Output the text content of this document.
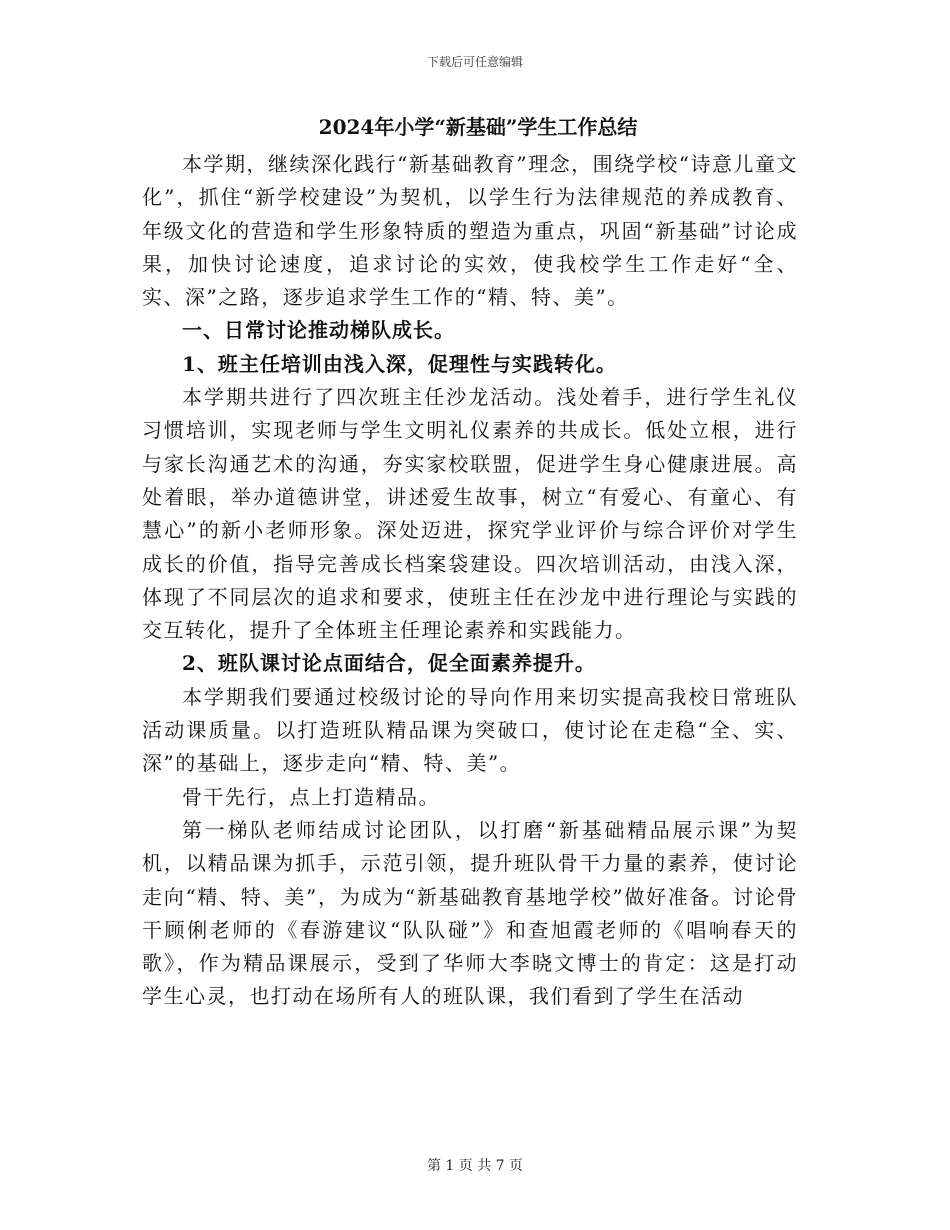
下载后可任意编辑
2024年小学“新基础”学生工作总结

本学期，继续深化践行“新基础教育”理念，围绕学校“诗意儿童文化”，抓住“新学校建设”为契机，以学生行为法律规范的养成教育、年级文化的营造和学生形象特质的塑造为重点，巩固“新基础”讨论成果，加快讨论速度，追求讨论的实效，使我校学生工作走好“全、实、深”之路，逐步追求学生工作的“精、特、美”。

一、日常讨论推动梯队成长。

1、班主任培训由浅入深，促理性与实践转化。

本学期共进行了四次班主任沙龙活动。浅处着手，进行学生礼仪习惯培训，实现老师与学生文明礼仪素养的共成长。低处立根，进行与家长沟通艺术的沟通，夯实家校联盟，促进学生身心健康进展。高处着眼，举办道德讲堂，讲述爱生故事，树立“有爱心、有童心、有慧心”的新小老师形象。深处迈进，探究学业评价与综合评价对学生成长的价值，指导完善成长档案袋建设。四次培训活动，由浅入深，体现了不同层次的追求和要求，使班主任在沙龙中进行理论与实践的交互转化，提升了全体班主任理论素养和实践能力。

2、班队课讨论点面结合，促全面素养提升。

本学期我们要通过校级讨论的导向作用来切实提高我校日常班队活动课质量。以打造班队精品课为突破口，使讨论在走稳“全、实、深”的基础上，逐步走向“精、特、美”。

骨干先行，点上打造精品。

第一梯队老师结成讨论团队，以打磨“新基础精品展示课”为契机，以精品课为抓手，示范引领，提升班队骨干力量的素养，使讨论走向“精、特、美”，为成为“新基础教育基地学校”做好准备。讨论骨干顾俐老师的《春游建议“队队碰”》和查旭霞老师的《唱响春天的歌》，作为精品课展示，受到了华师大李晓文博士的肯定：这是打动学生心灵，也打动在场所有人的班队课，我们看到了学生在活动

第 1 页 共 7 页
